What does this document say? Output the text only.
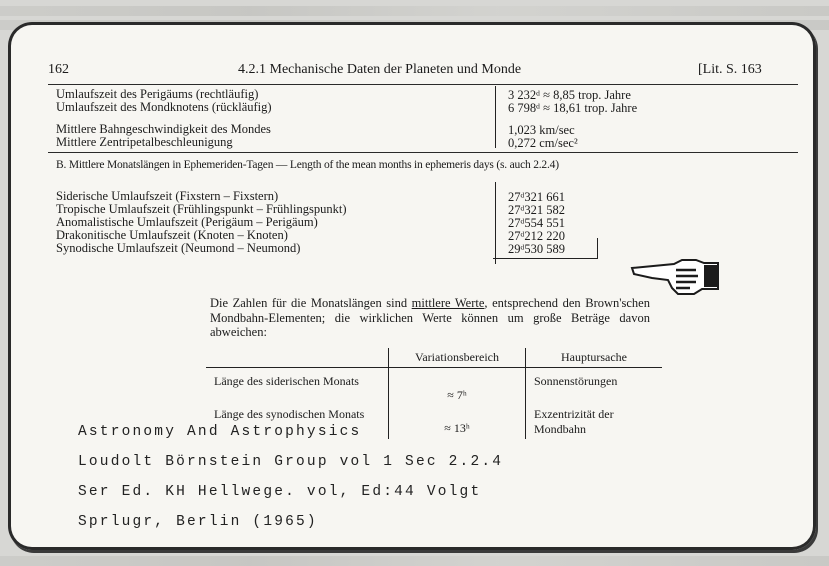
162	4.2.1 Mechanische Daten der Planeten und Monde	[Lit. S. 163
Umlaufszeit des Perigäums (rechtläufig)	3 232ᵈ ≈ 8,85 trop. Jahre
Umlaufszeit des Mondknotens (rückläufig)	6 798ᵈ ≈ 18,61 trop. Jahre
Mittlere Bahngeschwindigkeit des Mondes	1,023 km/sec
Mittlere Zentripetalbeschleunigung	0,272 cm/sec²
B. Mittlere Monatslängen in Ephemeriden-Tagen — Length of the mean months in ephemeris days (s. auch 2.2.4)
Siderische Umlaufszeit (Fixstern – Fixstern)	27ᵈ321 661
Tropische Umlaufszeit (Frühlingspunkt – Frühlingspunkt)	27ᵈ321 582
Anomalistische Umlaufszeit (Perigäum – Perigäum)	27ᵈ554 551
Drakonitische Umlaufszeit (Knoten – Knoten)	27ᵈ212 220
Synodische Umlaufszeit (Neumond – Neumond)	29ᵈ530 589
Die Zahlen für die Monatslängen sind mittlere Werte, entsprechend den Brown'schen Mondbahn-Elementen; die wirklichen Werte können um große Beträge davon abweichen:
	Variationsbereich	Hauptursache
Länge des siderischen Monats	≈ 7ʰ	Sonnenstörungen
Länge des synodischen Monats	≈ 13ʰ	Exzentrizität der Mondbahn
Astronomy And Astrophysics
Loudolt Börnstein Group vol 1 Sec 2.2.4
Ser Ed. KH Hellwege. vol, Ed:44 Volgt
Sprlugr, Berlin (1965)
